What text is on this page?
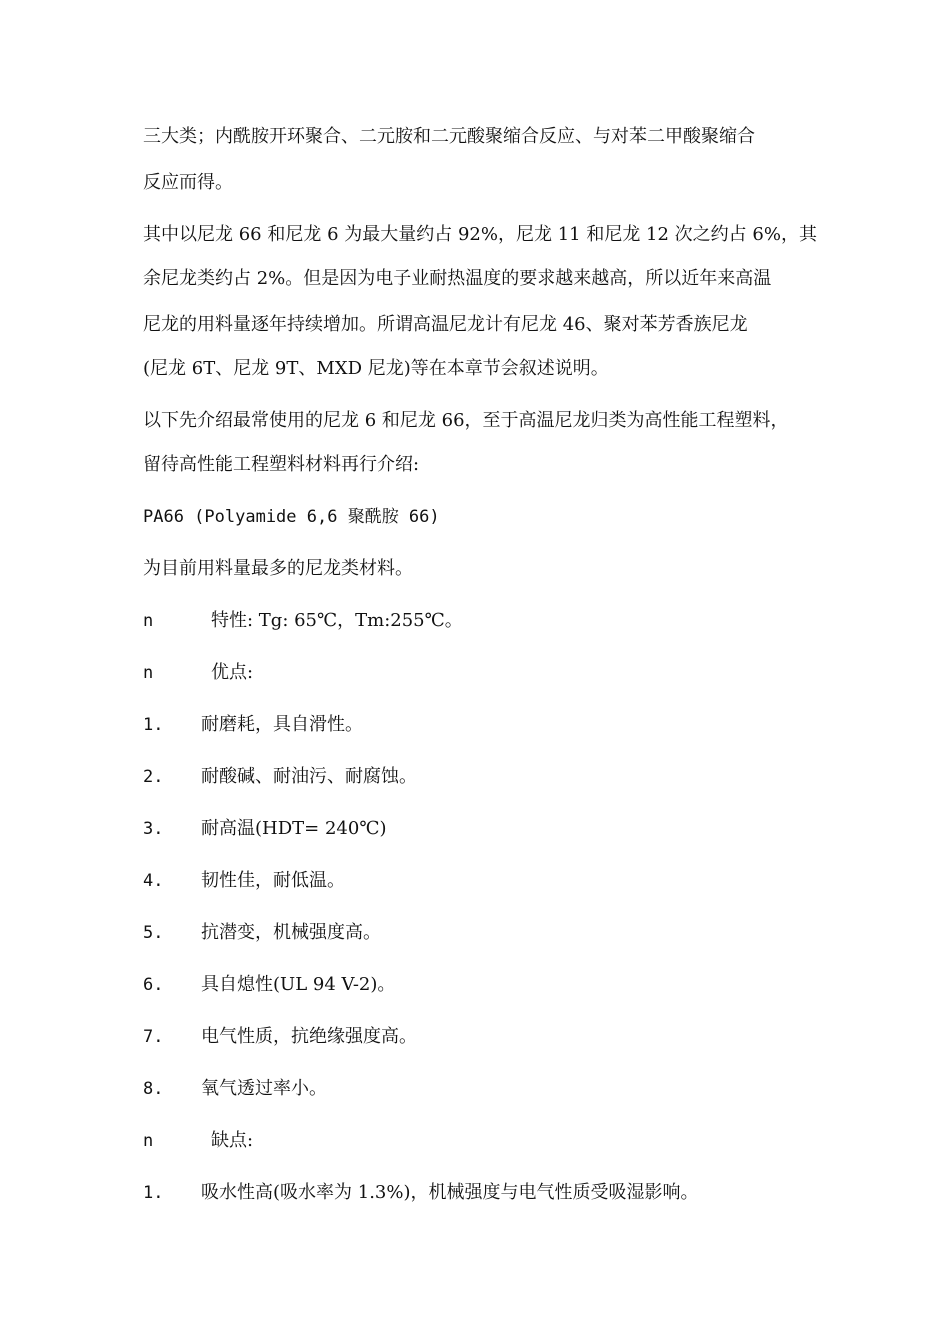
三大类；内酰胺开环聚合、二元胺和二元酸聚缩合反应、与对苯二甲酸聚缩合
反应而得。
其中以尼龙 66 和尼龙 6 为最大量约占 92%，尼龙 11 和尼龙 12 次之约占 6%，其
余尼龙类约占 2%。但是因为电子业耐热温度的要求越来越高，所以近年来高温
尼龙的用料量逐年持续增加。所谓高温尼龙计有尼龙 46、聚对苯芳香族尼龙
(尼龙 6T、尼龙 9T、MXD 尼龙)等在本章节会叙述说明。
以下先介绍最常使用的尼龙 6 和尼龙 66，至于高温尼龙归类为高性能工程塑料，
留待高性能工程塑料材料再行介绍:
PA66 (Polyamide 6,6 聚酰胺 66)
为目前用料量最多的尼龙类材料。
n	特性: Tg: 65℃，Tm:255℃。
n	优点:
1. 耐磨耗，具自滑性。
2. 耐酸碱、耐油污、耐腐蚀。
3. 耐高温(HDT= 240℃)
4. 韧性佳，耐低温。
5. 抗潜变，机械强度高。
6. 具自熄性(UL 94 V-2)。
7. 电气性质，抗绝缘强度高。
8. 氧气透过率小。
n	缺点:
1. 吸水性高(吸水率为 1.3%)，机械强度与电气性质受吸湿影响。
